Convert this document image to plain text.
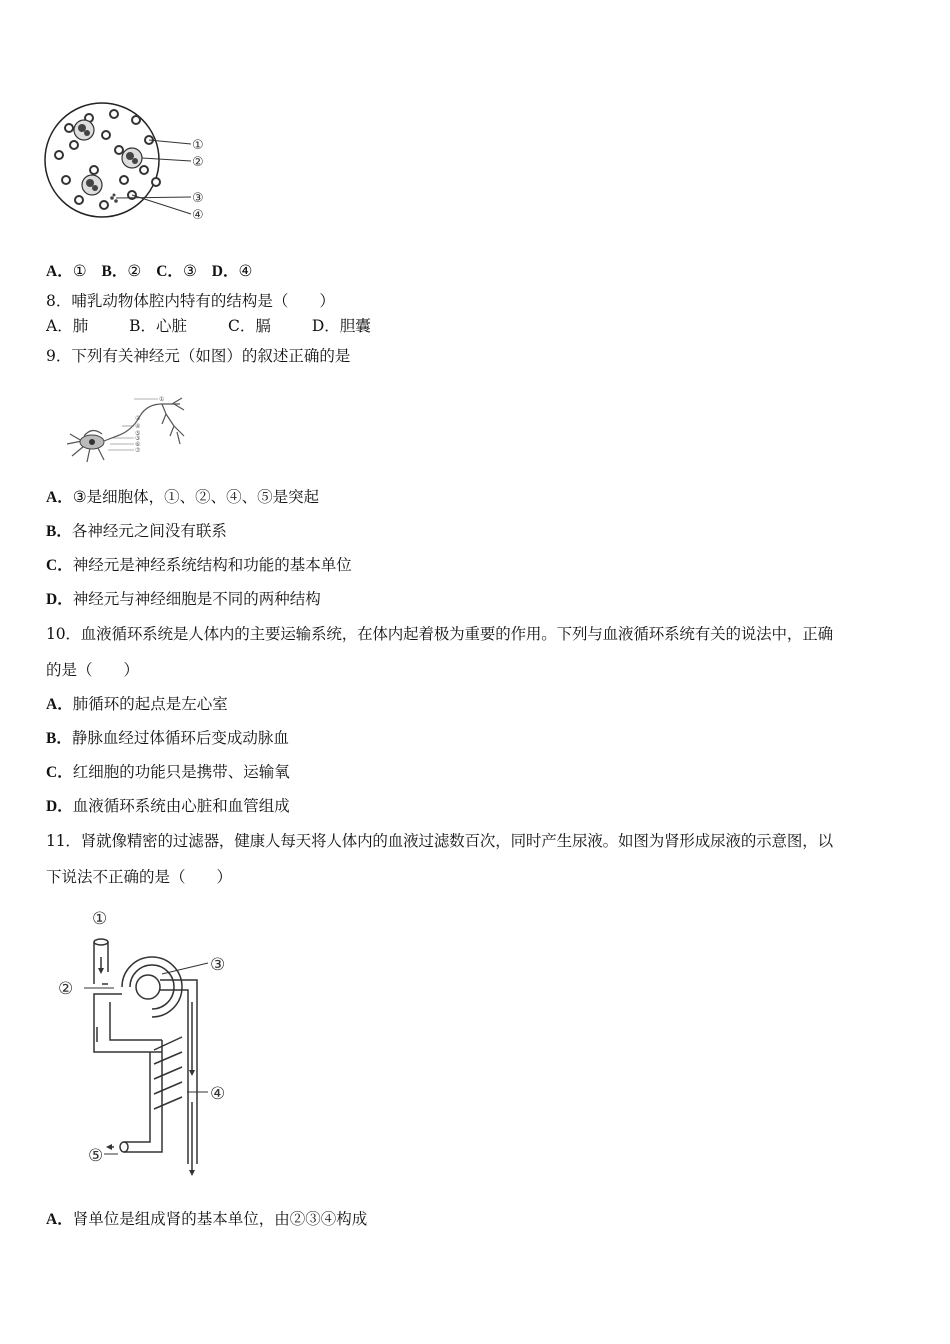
①
②
③
④
A．① B．② C．③ D．④
8．哺乳动物体腔内特有的结构是（　　）
A．肺	B．心脏	C．膈	D．胆囊
9．下列有关神经元（如图）的叙述正确的是
①
④
⑤
③
⑥
⑦
②
A．③是细胞体，①、②、④、⑤是突起
B．各神经元之间没有联系
C．神经元是神经系统结构和功能的基本单位
D．神经元与神经细胞是不同的两种结构
10．血液循环系统是人体内的主要运输系统，在体内起着极为重要的作用。下列与血液循环系统有关的说法中，正确
的是（　　）
A．肺循环的起点是左心室
B．静脉血经过体循环后变成动脉血
C．红细胞的功能只是携带、运输氧
D．血液循环系统由心脏和血管组成
11．肾就像精密的过滤器，健康人每天将人体内的血液过滤数百次，同时产生尿液。如图为肾形成尿液的示意图，以
下说法不正确的是（　　）
①
②
③
④
⑤
A．肾单位是组成肾的基本单位，由②③④构成
